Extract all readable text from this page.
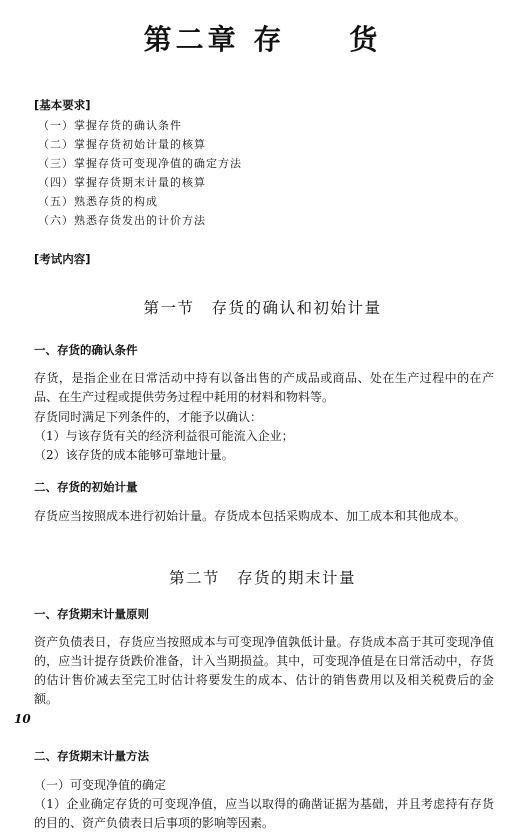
第二章 存　　货
[基本要求]
（一）掌握存货的确认条件
（二）掌握存货初始计量的核算
（三）掌握存货可变现净值的确定方法
（四）掌握存货期末计量的核算
（五）熟悉存货的构成
（六）熟悉存货发出的计价方法
[考试内容]
第一节　存货的确认和初始计量
一、存货的确认条件
存货，是指企业在日常活动中持有以备出售的产成品或商品、处在生产过程中的在产品、在生产过程或提供劳务过程中耗用的材料和物料等。
存货同时满足下列条件的，才能予以确认：
（1）与该存货有关的经济利益很可能流入企业；
（2）该存货的成本能够可靠地计量。
二、存货的初始计量
存货应当按照成本进行初始计量。存货成本包括采购成本、加工成本和其他成本。
第二节　存货的期末计量
一、存货期末计量原则
资产负债表日，存货应当按照成本与可变现净值孰低计量。存货成本高于其可变现净值的，应当计提存货跌价准备，计入当期损益。其中，可变现净值是在日常活动中，存货的估计售价减去至完工时估计将要发生的成本、估计的销售费用以及相关税费后的金额。
10
二、存货期末计量方法
（一）可变现净值的确定
（1）企业确定存货的可变现净值，应当以取得的确凿证据为基础，并且考虑持有存货的目的、资产负债表日后事项的影响等因素。
